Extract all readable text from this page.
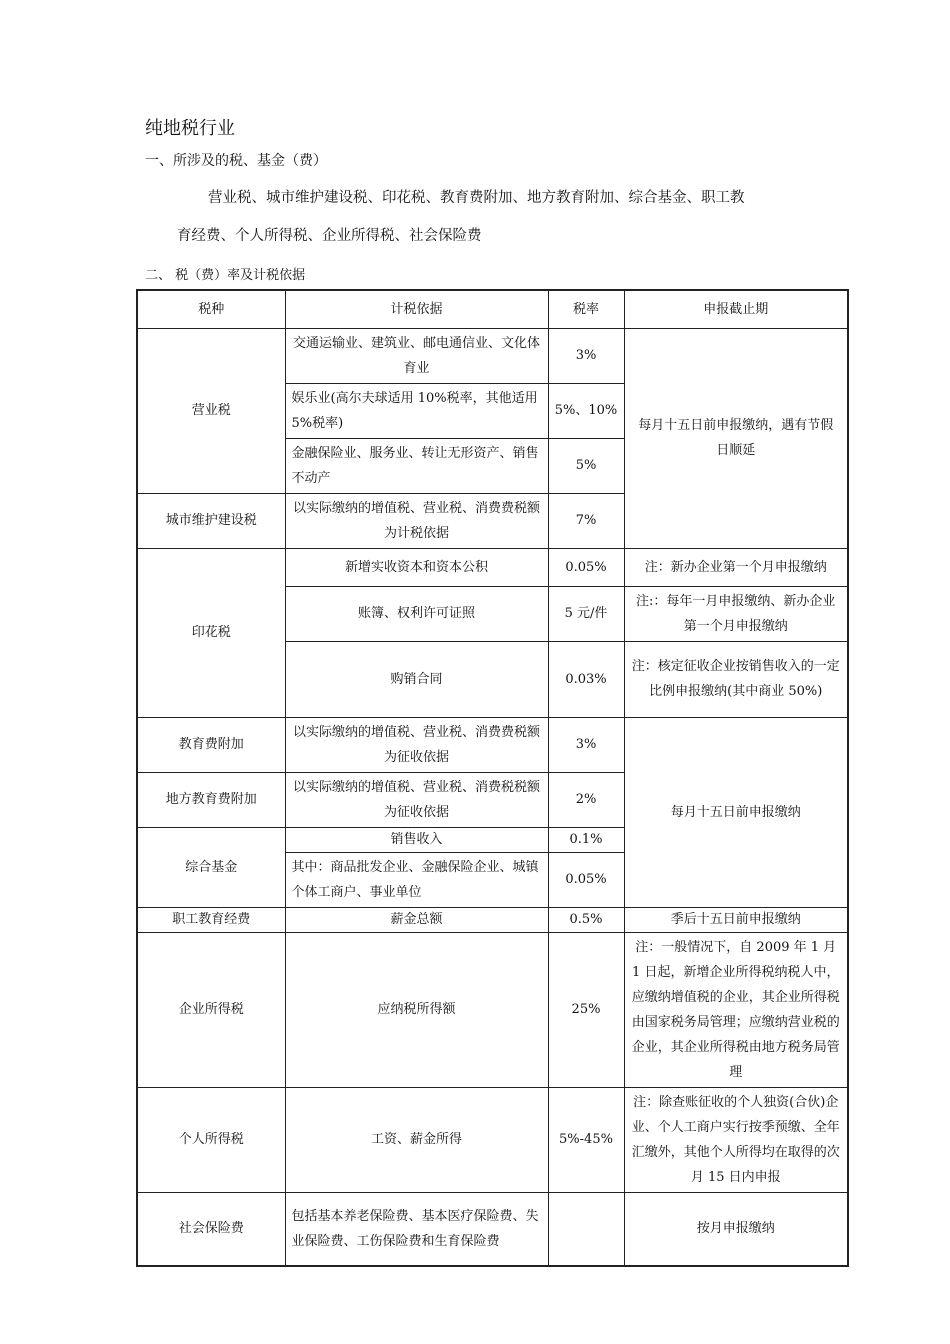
纯地税行业
一、所涉及的税、基金（费）
营业税、城市维护建设税、印花税、教育费附加、地方教育附加、综合基金、职工教
育经费、个人所得税、企业所得税、社会保险费
二、 税（费）率及计税依据
税种	计税依据	税率	申报截止期
营业税	交通运输业、建筑业、邮电通信业、文化体育业	3%	每月十五日前申报缴纳，遇有节假日顺延
	娱乐业(高尔夫球适用 10%税率，其他适用 5%税率)	5%、10%	
	金融保险业、服务业、转让无形资产、销售不动产	5%	
城市维护建设税	以实际缴纳的增值税、营业税、消费费税额为计税依据	7%	
印花税	新增实收资本和资本公积	0.05%	注：新办企业第一个月申报缴纳
	账簿、权利许可证照	5 元/件	注:：每年一月申报缴纳、新办企业第一个月申报缴纳
	购销合同	0.03%	注：核定征收企业按销售收入的一定比例申报缴纳(其中商业 50%)
教育费附加	以实际缴纳的增值税、营业税、消费费税额为征收依据	3%	每月十五日前申报缴纳
地方教育费附加	以实际缴纳的增值税、营业税、消费税税额为征收依据	2%	
综合基金	销售收入	0.1%	
	其中：商品批发企业、金融保险企业、城镇个体工商户、事业单位	0.05%	
职工教育经费	薪金总额	0.5%	季后十五日前申报缴纳
企业所得税	应纳税所得额	25%	注：一般情况下，自 2009 年 1 月 1 日起，新增企业所得税纳税人中，应缴纳增值税的企业，其企业所得税由国家税务局管理；应缴纳营业税的企业，其企业所得税由地方税务局管理
个人所得税	工资、薪金所得	5%-45%	注：除查账征收的个人独资(合伙)企业、个人工商户实行按季预缴、全年汇缴外，其他个人所得均在取得的次月 15 日内申报
社会保险费	包括基本养老保险费、基本医疗保险费、失业保险费、工伤保险费和生育保险费		按月申报缴纳
